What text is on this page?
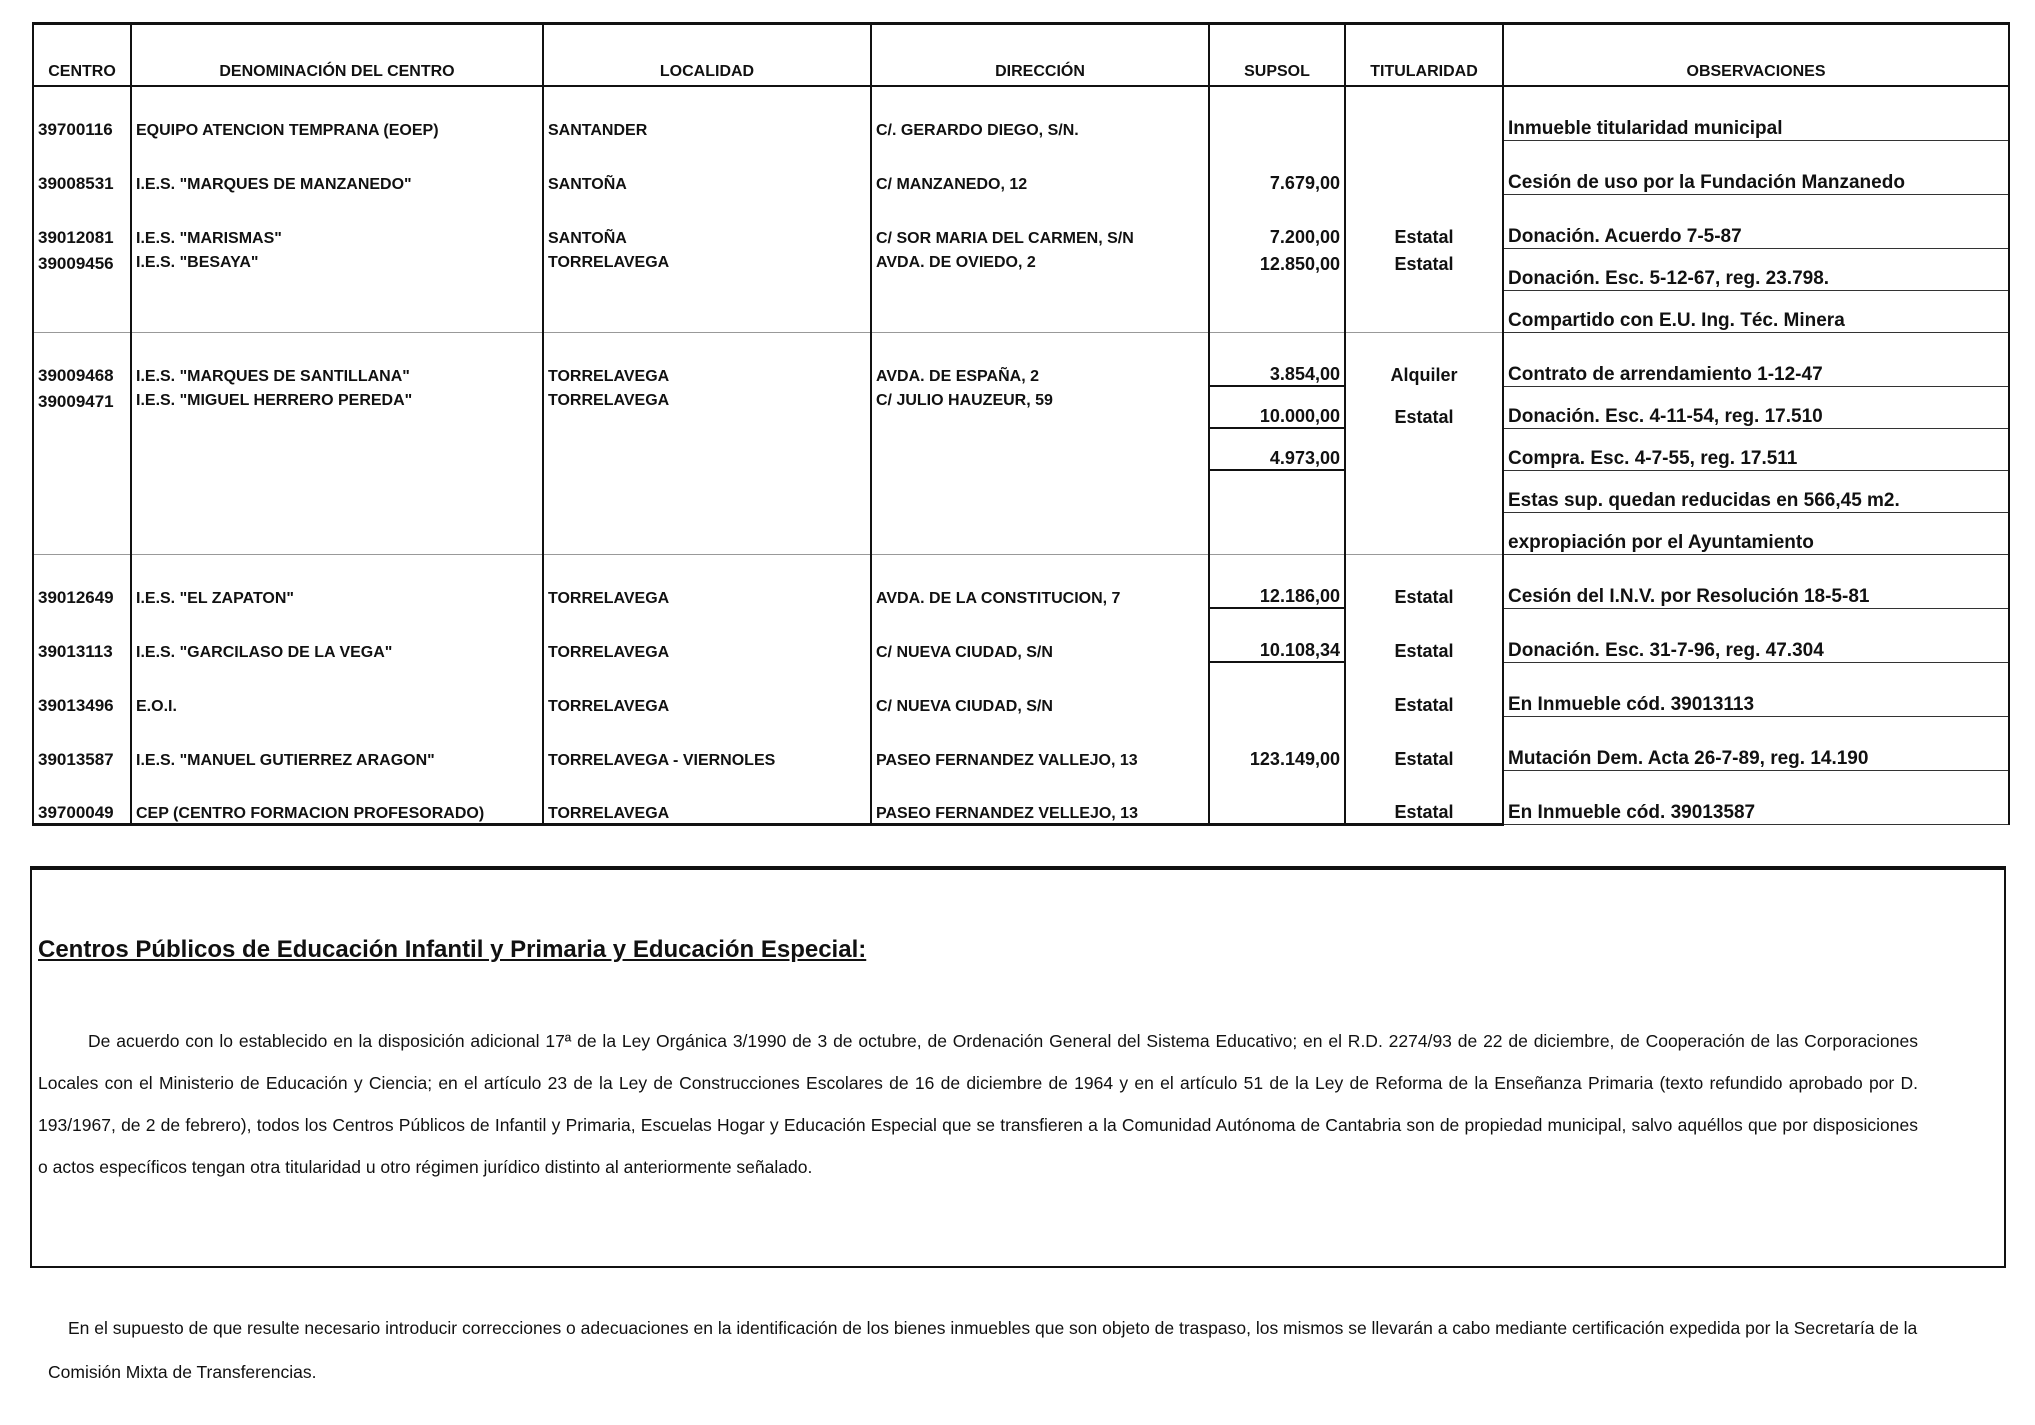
CENTRO	DENOMINACIÓN DEL CENTRO	LOCALIDAD	DIRECCIÓN	SUPSOL	TITULARIDAD	OBSERVACIONES
39700116	EQUIPO ATENCION TEMPRANA (EOEP)	SANTANDER	C/. GERARDO DIEGO, S/N.			Inmueble titularidad municipal
39008531	I.E.S. "MARQUES DE MANZANEDO"	SANTOÑA	C/ MANZANEDO, 12	7.679,00		Cesión de uso por la Fundación Manzanedo
39012081	I.E.S. "MARISMAS"	SANTOÑA	C/ SOR MARIA DEL CARMEN, S/N	7.200,00	Estatal	Donación. Acuerdo 7-5-87
39009456	I.E.S. "BESAYA"	TORRELAVEGA	AVDA. DE OVIEDO, 2	12.850,00	Estatal	Donación. Esc. 5-12-67, reg. 23.798.
						Compartido con E.U. Ing. Téc. Minera
39009468	I.E.S. "MARQUES DE SANTILLANA"	TORRELAVEGA	AVDA. DE ESPAÑA, 2	3.854,00	Alquiler	Contrato de arrendamiento 1-12-47
39009471	I.E.S. "MIGUEL HERRERO PEREDA"	TORRELAVEGA	C/ JULIO HAUZEUR, 59	10.000,00	Estatal	Donación. Esc. 4-11-54, reg. 17.510
				4.973,00		Compra. Esc. 4-7-55, reg. 17.511
						Estas sup. quedan reducidas en 566,45 m2.
						expropiación por el Ayuntamiento
39012649	I.E.S. "EL ZAPATON"	TORRELAVEGA	AVDA. DE LA CONSTITUCION, 7	12.186,00	Estatal	Cesión del I.N.V. por Resolución 18-5-81
39013113	I.E.S. "GARCILASO DE LA VEGA"	TORRELAVEGA	C/ NUEVA CIUDAD, S/N	10.108,34	Estatal	Donación. Esc. 31-7-96, reg. 47.304
39013496	E.O.I.	TORRELAVEGA	C/ NUEVA CIUDAD, S/N		Estatal	En Inmueble cód. 39013113
39013587	I.E.S. "MANUEL GUTIERREZ ARAGON"	TORRELAVEGA - VIERNOLES	PASEO FERNANDEZ VALLEJO, 13	123.149,00	Estatal	Mutación Dem. Acta 26-7-89, reg. 14.190
39700049	CEP (CENTRO FORMACION PROFESORADO)	TORRELAVEGA	PASEO FERNANDEZ VELLEJO, 13		Estatal	En Inmueble cód. 39013587
Centros Públicos de Educación Infantil y Primaria y Educación Especial:

De acuerdo con lo establecido en la disposición adicional 17ª de la Ley Orgánica 3/1990 de 3 de octubre, de Ordenación General del Sistema Educativo; en el R.D. 2274/93 de 22 de diciembre, de Cooperación de las Corporaciones Locales con el Ministerio de Educación y Ciencia; en el artículo 23 de la Ley de Construcciones Escolares de 16 de diciembre de 1964 y en el artículo 51 de la Ley de Reforma de la Enseñanza Primaria (texto refundido aprobado por D. 193/1967, de 2 de febrero), todos los Centros Públicos de Infantil y Primaria, Escuelas Hogar y Educación Especial que se transfieren a la Comunidad Autónoma de Cantabria son de propiedad municipal, salvo aquéllos que por disposiciones o actos específicos tengan otra titularidad u otro régimen jurídico distinto al anteriormente señalado.

En el supuesto de que resulte necesario introducir correcciones o adecuaciones en la identificación de los bienes inmuebles que son objeto de traspaso, los mismos se llevarán a cabo mediante certificación expedida por la Secretaría de la Comisión Mixta de Transferencias.
